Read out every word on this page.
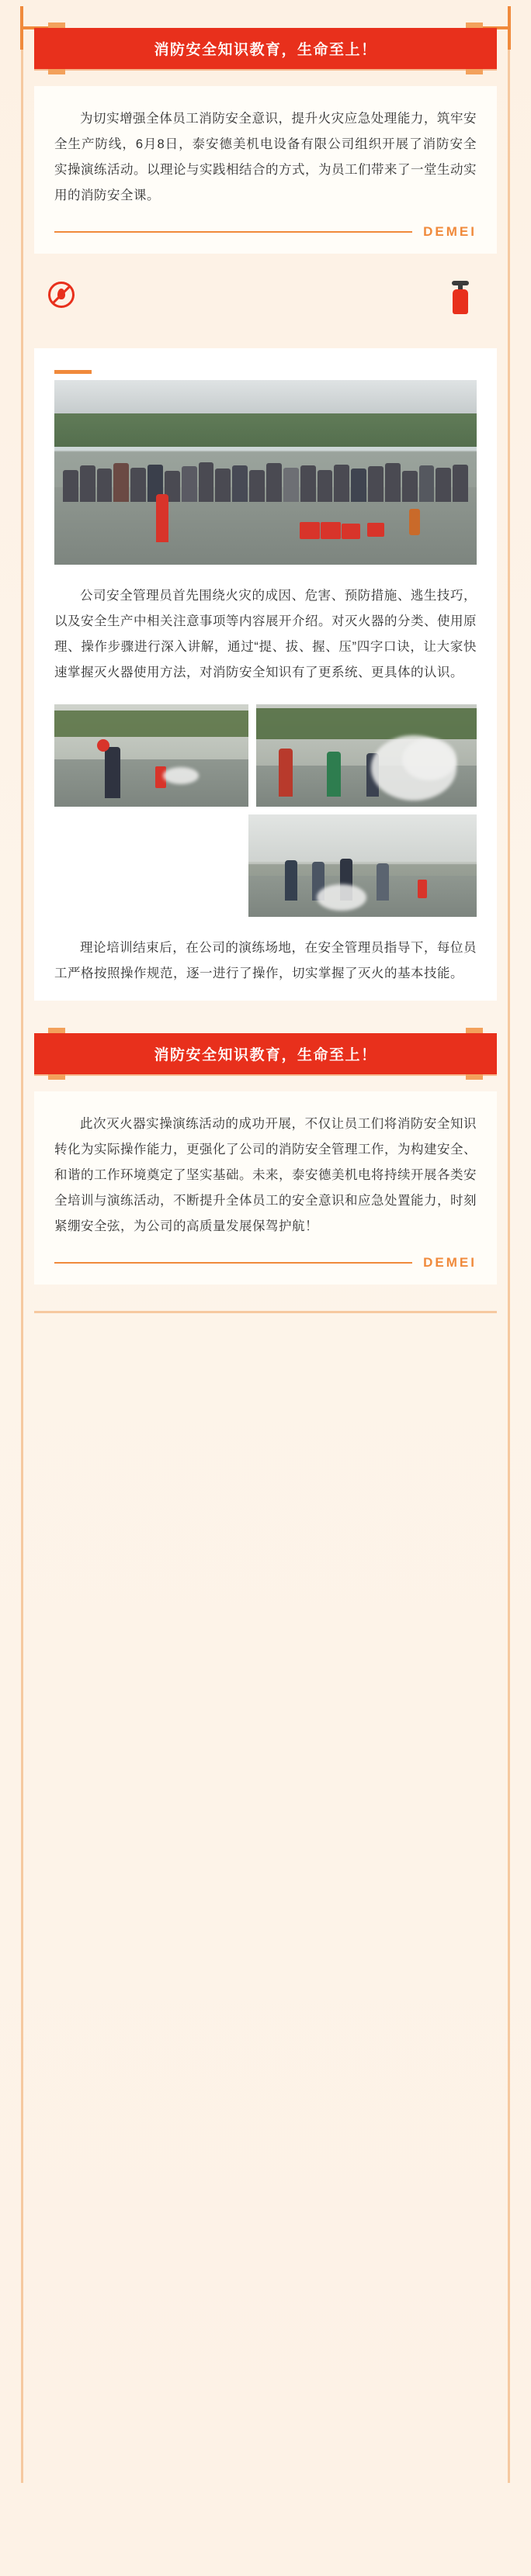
消防安全知识教育，生命至上！

为切实增强全体员工消防安全意识，提升火灾应急处理能力，筑牢安全生产防线，6月8日，泰安德美机电设备有限公司组织开展了消防安全实操演练活动。以理论与实践相结合的方式，为员工们带来了一堂生动实用的消防安全课。

DEMEI

公司安全管理员首先围绕火灾的成因、危害、预防措施、逃生技巧，以及安全生产中相关注意事项等内容展开介绍。对灭火器的分类、使用原理、操作步骤进行深入讲解，通过“提、拔、握、压”四字口诀，让大家快速掌握灭火器使用方法，对消防安全知识有了更系统、更具体的认识。

理论培训结束后，在公司的演练场地，在安全管理员指导下，每位员工严格按照操作规范，逐一进行了操作，切实掌握了灭火的基本技能。

消防安全知识教育，生命至上！

此次灭火器实操演练活动的成功开展，不仅让员工们将消防安全知识转化为实际操作能力，更强化了公司的消防安全管理工作，为构建安全、和谐的工作环境奠定了坚实基础。未来，泰安德美机电将持续开展各类安全培训与演练活动，不断提升全体员工的安全意识和应急处置能力，时刻紧绷安全弦，为公司的高质量发展保驾护航！

DEMEI
